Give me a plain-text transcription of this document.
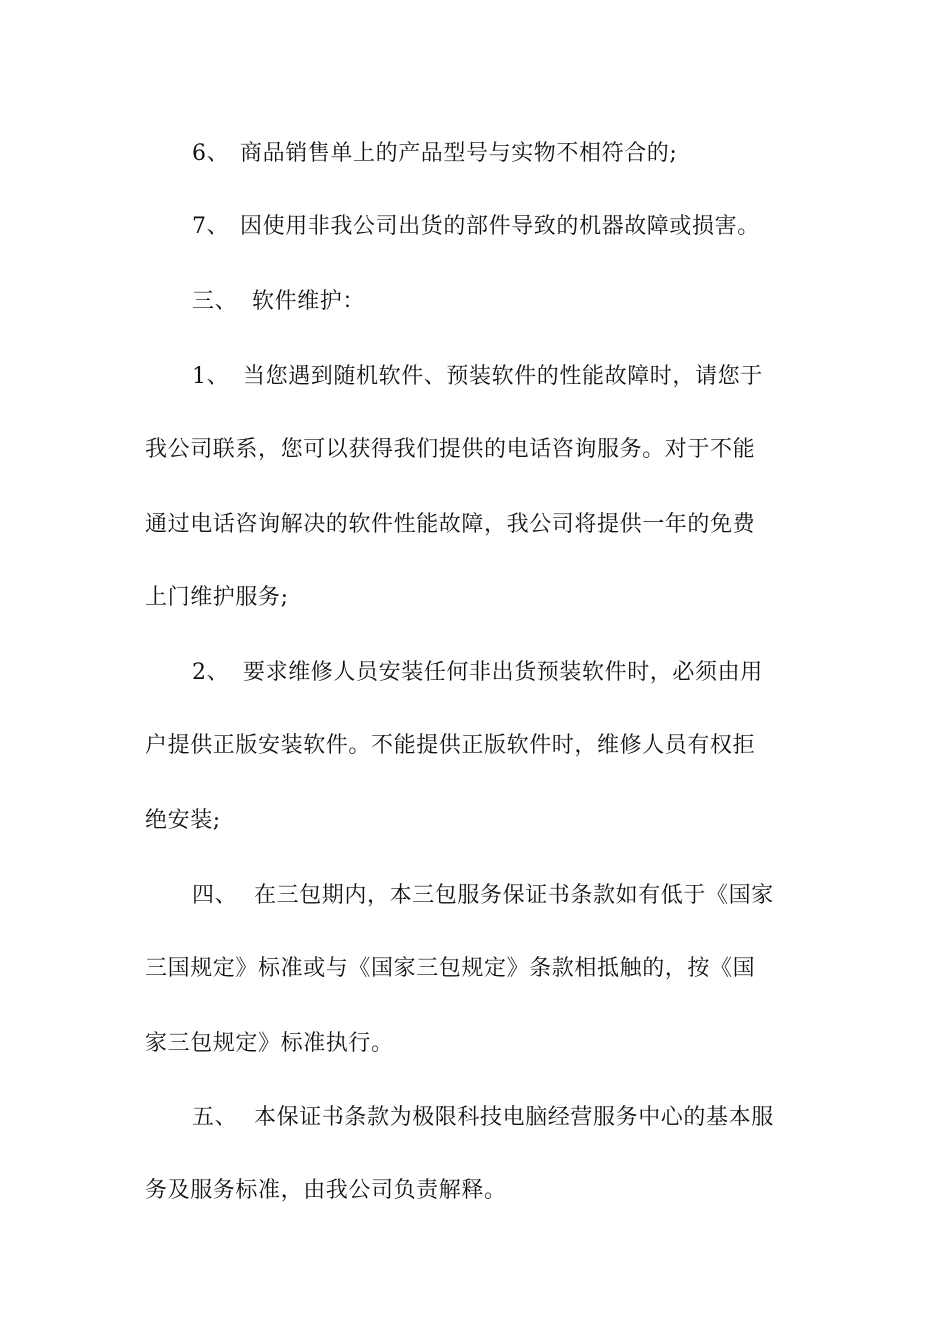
6、 商品销售单上的产品型号与实物不相符合的;
7、 因使用非我公司出货的部件导致的机器故障或损害。
三、 软件维护：
1、 当您遇到随机软件、预装软件的性能故障时，请您于
我公司联系，您可以获得我们提供的电话咨询服务。对于不能
通过电话咨询解决的软件性能故障，我公司将提供一年的免费
上门维护服务;
2、 要求维修人员安装任何非出货预装软件时，必须由用
户提供正版安装软件。不能提供正版软件时，维修人员有权拒
绝安装;
四、 在三包期内，本三包服务保证书条款如有低于《国家
三国规定》标准或与《国家三包规定》条款相抵触的，按《国
家三包规定》标准执行。
五、 本保证书条款为极限科技电脑经营服务中心的基本服
务及服务标准，由我公司负责解释。
